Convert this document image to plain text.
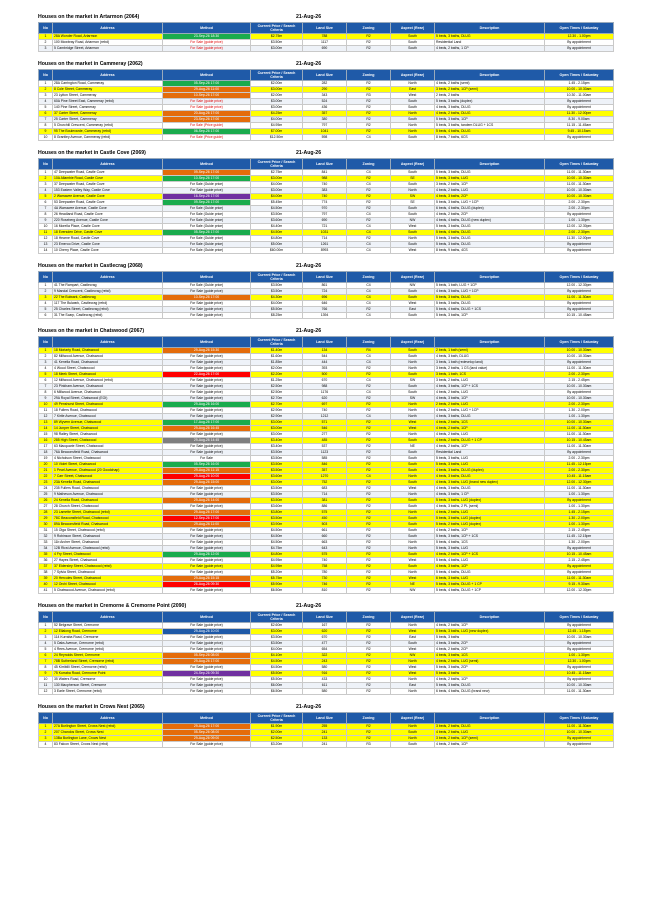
Houses on the market in Artarmon (2064)	21-Aug-26
No	Address	Method	Current Price / Search Criteria	Land Size	Zoning	Aspect (Rear)	Description	Open Times / Saturday
1	28A Wonder Road, Artarmon	23-Sep-26 18:30	$2.75m	788	R2	South	5 beds, 3 baths, DLUG	12.30 - 1.00pm
2	100 Mowbray Road, Artarmon (rebd)	For Sale (guide price)	$3.50m	1117	R2	South	Residential Land	By appointment
3	5 Cambridge Street, Artarmon	For Sale (guide price)	$3.00m	690	R2	South	4 beds, 2 baths, 1 CP	By appointment
Houses on the market in Cammeray (2062)	21-Aug-26
No	Address	Method	Current Price / Search Criteria	Land Size	Zoning	Aspect (Rear)	Description	Open Times / Saturday
1	28A Carrington Road, Cammeray	05-Sep-26 17:00	$2.00m	282	R2	North	4 beds, 2 baths (semi)	1.45 - 2.15pm
2	8 Cole Street, Cammeray	29-Aug-26 11:00	$3.00m	290	R2	East	3 beds, 2 baths, 1CP (semi)	10.00 - 10.30am
3	23 Lytton Street, Cammeray	10-Sep-26 17:00	$2.00m	343	R3	West	2 beds, 2 baths	10.30 - 11.00am
4	60A Pine Street East, Cammeray (rebd)	For Sale (guide price)	$3.00m	524	R2	South	5 beds, 3 baths (duplex)	By appointment
5	140 Pine Street, Cammeray	For Sale (guide price)	$3.00m	436	R2	South	4 beds, 3 baths, DLUG	By appointment
6	37 Carter Street, Cammeray	20-Aug-26 17:00	$4.25m	357	R2	North	4 beds, 2 baths, DLUG	11.30 - 12.00pm
7	25 Carter Street, Cammeray	23-Sep-26 17:00	$4.00m	380	R2	South	5 beds, 3 baths, 1CP	8.30 - 9.00am
8	5 Churchill Crescent, Cammeray (rebd)	For Sale (Price guide)	$4.95m	797	R2	North	5 beds, 3 baths, tandem DLUG + 1CS	11.15 - 11.45am
9	95 The Boulevarde, Cammeray (rebd)	06-Sep-26 17:00	$7.00m	1041	R2	North	5 beds, 4 baths, DLUG	9.45 - 10.15am
10	8 Grantley Avenue, Cammeray (rebd)	For Sale (Price guide)	$12.50m	598	C4	South	8 beds, 7 baths, 6CS	By appointment
Houses on the market in Castle Cove (2069)	21-Aug-26
No	Address	Method	Current Price / Search Criteria	Land Size	Zoning	Aspect (Rear)	Description	Open Times / Saturday
1	47 Deepwater Road, Castle Cove	09-Sep-26 17:00	$2.75m	841	C4	South	5 beds, 3 baths, DLUG	11.00 - 11.30am
2	10A Allambie Road, Castle Cove	10-Sep-26 17:00	$3.00m	988	R2	SE	5 beds, 3 baths, LUG	10.00 - 10.30am
3	37 Deepwater Road, Castle Cove	For Sale (Guide price)	$4.00m	740	C4	South	3 beds, 2 baths, 1CP	11.00 - 11.30am
4	153 Eastern Valley Way, Castle Cove	For Sale (guide price)	$3.00m	383	R2	North	4 beds, 2 baths, LUG	10.00 - 10.30am
5	2 Warrawee Avenue, Castle Cove	16-Sep-26 17:00	$4.00m	740	R2	SW	4 beds, 3 baths, 2CP	10.00 - 10.30am
6	53 Deepwater Road, Castle Cove	09-Sep-26 17:00	$5.45m	774	R2	SE	5 beds, 3 baths, LUG + 1CP	2.00 - 2.30pm
7	4A Warrawee Avenue, Castle Cove	For Sale (Guide price)	$4.50m	970	R2	South	6 beds, 4 baths, DLUG (duplex)	2.00 - 2.30pm
8	26 Headland Road, Castle Cove	For Sale (Guide price)	$3.50m	797	C4	South	4 beds, 2 baths, 2CP	By appointment
9	220 Roseberg Avenue, Castle Cove	For Sale (Guide price)	$3.60m	690	R2	NW	4 beds, 4 baths, DLUG (new duplex)	1.00 - 1.30pm
10	16 Morella Place, Castle Cove	For Sale (Guide price)	$4.40m	721	C4	West	5 beds, 3 baths, DLUG	12.00 - 12.30pm
11	18 Eversden Drive, Castle Cove	05-Sep-26 17:00	$4.50m	1031	C4	South	5 beds, 4 baths, DLUG	2.00 - 2.30pm
12	18 Hearne Road, Castle Cove	For Sale (Guide price)	$4.80m	714	R2	North	5 beds, 3 baths, DLUG	11.30 - 12.00pm
13	23 Emeroo Drive, Castle Cove	For Sale (Guide price)	$5.00m	1261	C4	South	5 beds, 3 baths, DLUG	By appointment
14	10 Cherry Place, Castle Cove	For Sale (Guide price)	$60.00m	8993	C4	West	8 beds, 9 baths, 4CS	By appointment
Houses on the market in Castlecrag (2068)	21-Aug-26
No	Address	Method	Current Price / Search Criteria	Land Size	Zoning	Aspect (Rear)	Description	Open Times / Saturday
1	41 The Rampart, Castlecrag	For Sale (Guide price)	$3.50m	861	C4	NW	5 beds, 1 bath, LUG + 1CP	12.00 - 12.30pm
2	9 Mandal Crescent, Castlecrag (rebd)	For Sale (guide price)	$3.50m	724	C4	South	4 beds, 3 baths, LUG + 1CP	By appointment
3	22 The Bulwark, Castlecrag	10-Sep-26 17:00	$4.30m	696	C4	South	5 beds, 3 baths, DLUG	11.00 - 11.30am
4	117 The Bulwark, Castlecrag (rebd)	For Sale (guide price)	$4.00m	646	C4	West	5 beds, 3 baths, DLUG	By appointment
5	25 Charles Street, Castlecrag (rebd)	For Sale (guide price)	$5.50m	766	R2	East	5 beds, 4 baths, DLUG + 1CS	By appointment
6	31 The Scarp, Castlecrag (rebd)	For Sale (guide price)	$8.25m	1394	C4	South	5 beds, 3 baths, 1CP	10.15 - 10.45am
Houses on the market in Chatswood (2067)	21-Aug-26
No	Address	Method	Current Price / Search Criteria	Land Size	Zoning	Aspect (Rear)	Description	Open Times / Saturday
1	18 Moriarty Road, Chatswood	29-Aug-26 15:30	$1.40m	134	R4	South	2 beds, 1 bath (semi)	10.00 - 10.30am
2	82 Millwood Avenue, Chatswood	For Sale (guide price)	$1.60m	544	C4	South	4 beds, 3 bath, DLUG	10.00 - 10.30am
3	41 Kenella Road, Chatswood	For Sale (guide price)	$1.85m	444	C4	North	3 beds, 1 bath (redevelop land)	By appointment
4	4 Wood Street, Chatswood	For Sale (guide price)	$2.00m	393	R2	North	3 beds, 2 baths, 1 CS (land value)	11.00 - 11.30am
5	18 Meek Street, Chatswood	22-Aug-26 17:00	$2.20m	500	R2	South	3 beds, 1 bath, 1CS	2.00 - 2.30pm
6	12 Millwood Avenue, Chatswood (rebd)	For Sale (guide price)	$1.25m	670	C4	SW	3 beds, 2 baths, LUG	2.15 - 2.45pm
7	23 Pinkham Avenue, Chatswood	For Sale (guide price)	$2.50m	988	R2	South	4 beds, 3 baths, 1CP + 1CS	10.00 - 10.30am
8	6 Millwood Avenue, Chatswood	For Sale (guide price)	$2.50m	1176	C4	South	4 beds, 2 baths, LUG	By appointment
9	29A Royal Street, Chatswood (EOI)	For Sale (guide price)	$2.70m	620	R2	SW	4 beds, 3 baths, 1CP	10.00 - 10.30am
10	49 Penshurst Street, Chatswood	29-Aug-26 16:00	$2.70m	697	R2	North	2 beds, 2 baths, LUG	2.00 - 2.30pm
11	18 Fullers Road, Chatswood	For Sale (guide price)	$2.90m	740	R2	North	4 beds, 2 baths, LUG + 1CP	1.30 - 2.00pm
12	7 Kirtle Avenue, Chatswood	For Sale (guide price)	$2.90m	1212	C4	North	4 beds, 3 baths, DLUG	1.00 - 1.30pm
13	89 Wyvern Avenue, Chatswood	17-Aug-26 17:00	$3.00m	571	R2	West	4 beds, 2 baths, 1CS	10.00 - 10.30am
14	14 Junper Street, Chatswood	29-Aug-26 16:45	$3.00m	546	R2	West	4 beds, 2 baths, 1CP	11.00 - 11.30am
15	98 Railey Street, Chatswood	For Sale (guide price)	$3.00m	277	R2	North	4 beds, 2 baths, LUG	11.00 - 11.30am
16	285 High Street, Chatswood	29-Aug-26 14:45	$3.40m	485	R2	South	4 beds, 2 baths, DLUG + 1 CP	10.15 - 10.45am
17	63 Macquarie Street, Chatswood	For Sale (guide price)	$3.40m	537	R2	NE	4 beds, 2 baths, 1CP	11.00 - 11.30am
18	76A Beaconsfield Road, Chatswood	For Sale (guide price)	$3.50m	1123	R2	South	Residential Land	By appointment
19	4 Nicholson Street, Chatswood	For Sale	$3.50m	585	R2	South	5 beds, 3 baths, LUG	2.00 - 2.30pm
20	10 Violet Street, Chatswood	05-Sep-26 16:00	$3.50m	846	R2	South	5 beds, 3 baths, LUG	11.45 - 12.15pm
21	1 Pearl Avenue, Chatswood (20 Goodchap)	29-Aug-26 11:15	$3.50m	357	R2	South	4 beds, 3 baths, DLUG (duplex)	2.00 - 2.30pm
22	7 Carr Street, Chatswood	29-Aug-26 10:00	$3.60m	1270	C4	North	4 beds, 3 baths, DLUG	10.45 - 11.15am
23	23A Kenella Road, Chatswood	29-Aug-26 15:00	$3.00m	752	R2	South	4 beds, 3 baths, LUG (brand new duplex)	12.00 - 12.30pm
24	235 Fullers Road, Chatswood	For Sale (guide price)	$3.50m	683	R2	West	4 beds, 3 baths, DLUG	11.00 - 11.30am
25	9 Matheson Avenue, Chatswood	For Sale (guide price)	$3.50m	714	R2	North	4 beds, 3 baths, 1 CP	1.00 - 1.30pm
26	24 Kenella Road, Chatswood	29-Aug-26 14:00	$3.50m	381	R2	South	5 beds, 3 baths, LUG (duplex)	By appointment
27	28 Church Street, Chatswood	For Sale (guide price)	$3.60m	886	R2	South	4 beds, 3 baths, 2 PL (semi)	1.00 - 1.30pm
28	23 Lamette Street, Chatswood (rebd)	29-Aug-26 17:00	$3.80m	575	R2	North	4 beds, 2 baths, LUG	1.45 - 2.15pm
29	78C Beaconsfield Road, Chatswood	12-Sep-26 17:00	$3.50m	450	R2	South	5 beds, 3 baths, LUG (duplex)	1.30 - 2.00pm
30	89A Beaconsfield Road, Chatswood	29-Aug-26 11:00	$3.90m	503	R2	South	5 beds, 2 baths, LUG (duplex)	1.00 - 1.30pm
31	15 Olga Street, Chatswood (rebd)	For Sale (guide price)	$4.50m	661	R2	South	4 beds, 2 baths, 1CP	2.15 - 2.45pm
32	9 Robinson Street, Chatswood	For Sale (guide price)	$4.50m	660	R2	South	5 beds, 3 baths, 1CP + 1CS	11.45 - 12.15pm
33	11b Archer Street, Chatswood	For Sale (guide price)	$4.50m	663	R2	North	5 beds, 4 baths, 1CS	1.30 - 2.00pm
34	12B Ricst Avenue, Chatswood (rebd)	For Sale (guide price)	$4.75m	643	R2	North	5 beds, 3 baths, LUG	By appointment
35	4 Fry Street, Chatswood	29-Aug-26 12:00	$4.80m	575	R2	South	4 beds, 2 baths, 1CP + 1CS	10.15 - 10.45am
36	27 Hayes Street, Chatswood	For Sale (guide price)	$4.95m	740	R2	West	5 beds, 4 baths, LUG	2.15 - 2.45pm
37	37 Eldersley Street, Chatswood (rebd)	For Sale (guide price)	$4.95m	758	R2	South	4 beds, 3 baths, 1CP	By appointment
38	7 Sylvia Street, Chatswood	For Sale (guide price)	$5.20m	780	R2	North	5 beds, 4 baths, DLUG	By appointment
39	20 Hercules Street, Chatswood	29-Aug-26 15:15	$5.75m	730	R2	West	6 beds, 3 baths, LUG	11.00 - 11.30am
40	12 Orchi Street, Chatswood	26-Aug-26 09:30	$5.90m	746	R2	NE	5 beds, 3 baths, DLUG + 1 CP	9.15 - 9.30am
41	5 Chatswood Avenue, Chatswood (rebd)	For Sale (guide price)	$6.50m	810	R2	NW	5 beds, 4 baths, DLUG + 1CP	12.00 - 12.30pm
Houses on the market in Cremorne & Cremorne Point (2090)	21-Aug-26
No	Address	Method	Current Price / Search Criteria	Land Size	Zoning	Aspect (Rear)	Description	Open Times / Saturday
1	52 Belgrave Street, Cremorne	For Sale (guide price)	$2.60m	167	R2	North	4 beds, 2 baths, 1CP	By appointment
2	12 Ellalong Road, Cremorne	29-Aug-26 10:00	$3.00m	620	R2	West	5 beds, 3 baths, LUG (new duplex)	12.45 - 1.15pm
3	114 Kurraba Road, Cremorne	For Sale (guide price)	$3.50m	670	R2	East	5 beds, 3 baths	10.00 - 10.30am
4	5 Oaks Avenue, Cremorne (rebd)	For Sale (guide price)	$3.50m	477	R2	South	4 beds, 3 baths, 2CP	By appointment
5	4 Rees Avenue, Cremorne (rebd)	For Sale (guide price)	$4.00m	654	R2	West	4 beds, 2 baths, 2CP	By appointment
6	24 Reynolds Street, Cremorne	05-Sep-26 08:00	$4.10m	322	R2	NW	4 beds, 3 baths, 1CS	1.00 - 1.30pm
7	78B Sutherland Street, Cremorne (rebd)	29-Aug-26 17:00	$4.50m	243	R2	North	4 beds, 2 baths, LUG (semi)	12.30 - 1.00pm
8	45 Kirribilli Street, Cremorne (rebd)	For Sale (guide price)	$4.50m	580	R2	West	5 beds, 3 baths, 2CP	By appointment
9	75 Kurraba Road, Cremorne Point	24-Sep-26 09:30	$5.50m	916	R2	West	5 beds, 3 baths	10.45 - 11.15am
10	35 Waters Road, Cremorne	For Sale (guide price)	$5.50m	433	R2	North	4 beds, 2 baths, 1CP	By appointment
11	130 Macpherson Street, Cremorne	For Sale (guide price)	$6.00m	611	R2	East	5 beds, 3 baths, DLUG	10.00 - 10.30am
12	3 Earle Street, Cremorne (rebd)	For Sale (guide price)	$6.50m	580	R2	North	6 beds, 4 baths, DLUG (brand new)	11.00 - 11.30am
Houses on the market in Crows Nest (2065)	21-Aug-26
No	Address	Method	Current Price / Search Criteria	Land Size	Zoning	Aspect (Rear)	Description	Open Times / Saturday
1	27A Burlington Street, Crows Nest (rebd)	29-Aug-26 17:00	$1.90m	255	R2	North	3 beds, 2 baths, DLUG	11.00 - 11.30am
2	207 Chandos Street, Crows Nest	05-Sep-26 08:00	$2.00m	241	R2	South	4 beds, 2 baths, LUG	10.00 - 10.30am
3	13Ba Burlington Lane, Crows Nest	29-Aug-26 09:00	$2.50m	133	R2	North	3 beds, 2 baths, 1CP (semi)	By appointment
4	83 Falcon Street, Crows Nest (rebd)	For Sale (guide price)	$3.20m	241	R3	South	4 beds, 2 baths, 1CP	By appointment
